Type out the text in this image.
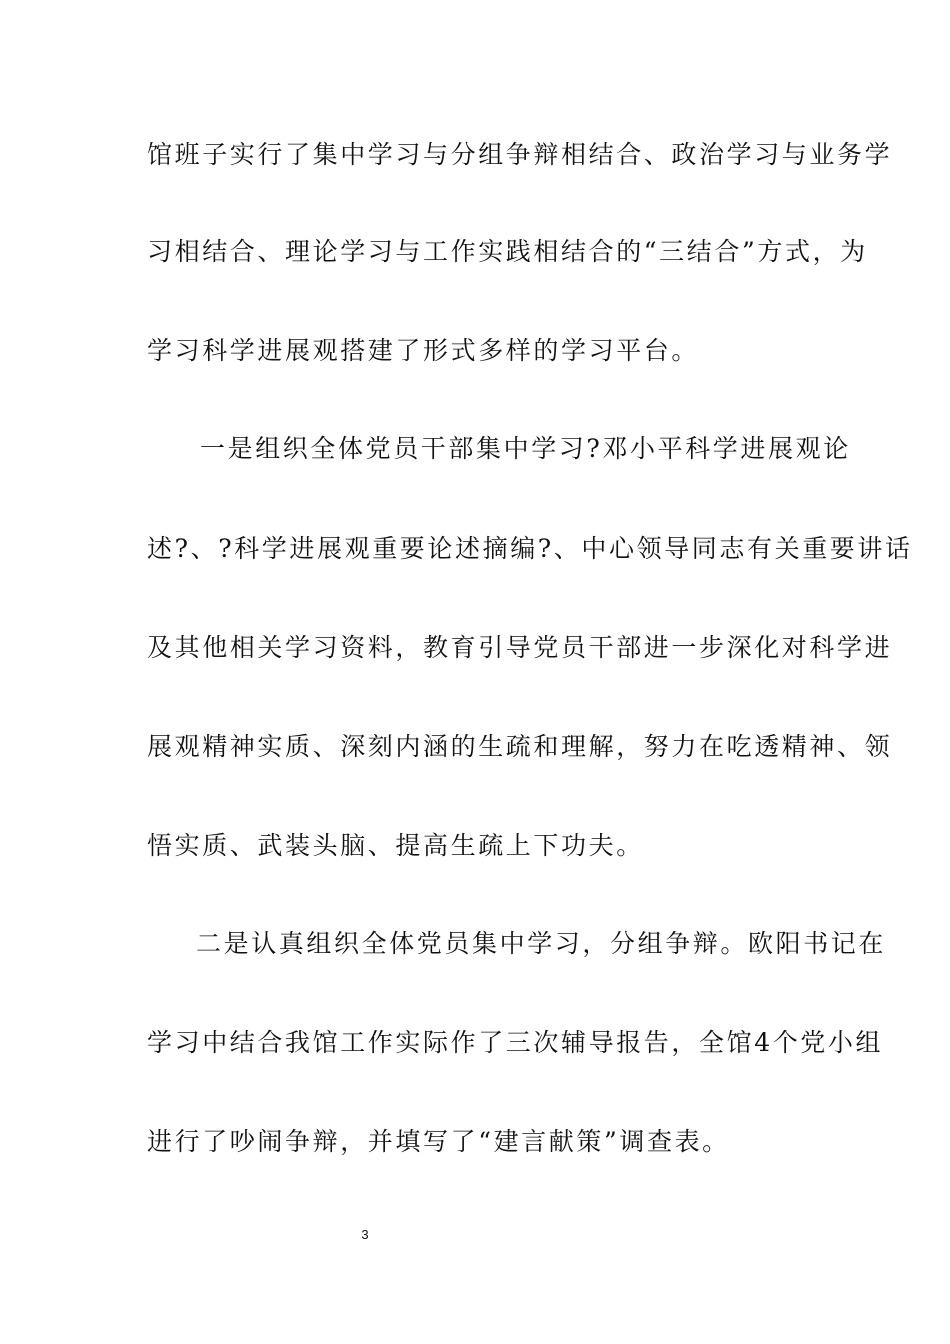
馆班子实行了集中学习与分组争辩相结合、政治学习与业务学
习相结合、理论学习与工作实践相结合的“三结合”方式，为
学习科学进展观搭建了形式多样的学习平台。
一是组织全体党员干部集中学习?邓小平科学进展观论
述?、?科学进展观重要论述摘编?、中心领导同志有关重要讲话
及其他相关学习资料，教育引导党员干部进一步深化对科学进
展观精神实质、深刻内涵的生疏和理解，努力在吃透精神、领
悟实质、武装头脑、提高生疏上下功夫。
二是认真组织全体党员集中学习，分组争辩。欧阳书记在
学习中结合我馆工作实际作了三次辅导报告，全馆4个党小组
进行了吵闹争辩，并填写了“建言献策”调查表。
3
